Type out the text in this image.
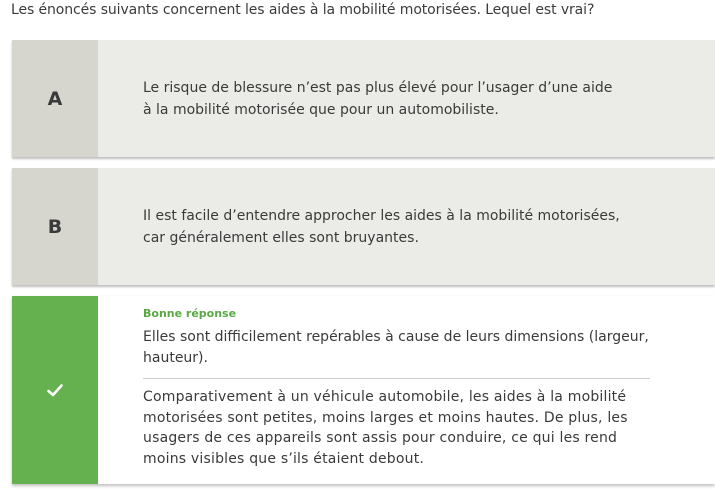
Les énoncés suivants concernent les aides à la mobilité motorisées. Lequel est vrai?
A	Le risque de blessure n’est pas plus élevé pour l’usager d’une aide à la mobilité motorisée que pour un automobiliste.
B	Il est facile d’entendre approcher les aides à la mobilité motorisées, car généralement elles sont bruyantes.
Bonne réponse
Elles sont difficilement repérables à cause de leurs dimensions (largeur, hauteur).
Comparativement à un véhicule automobile, les aides à la mobilité motorisées sont petites, moins larges et moins hautes. De plus, les usagers de ces appareils sont assis pour conduire, ce qui les rend moins visibles que s’ils étaient debout.
